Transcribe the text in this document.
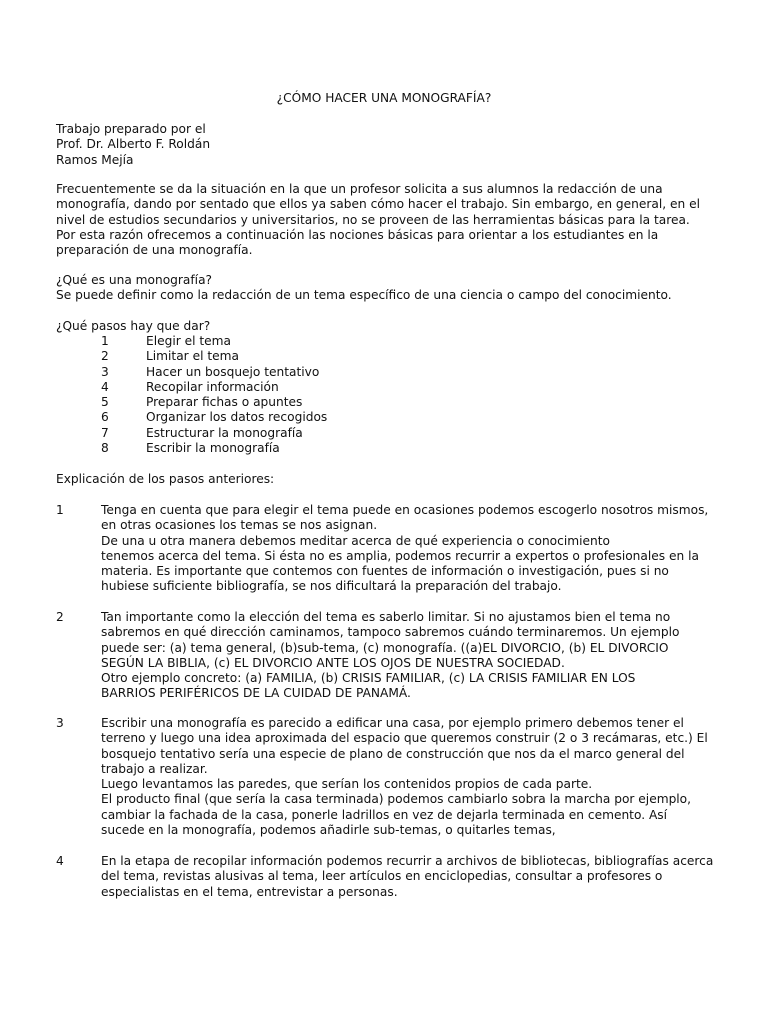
¿CÓMO HACER UNA MONOGRAFÍA?
Trabajo preparado por el
Prof. Dr. Alberto F. Roldán
Ramos Mejía
Frecuentemente se da la situación en la que un profesor solicita a sus alumnos la redacción de una
monografía, dando por sentado que ellos ya saben cómo hacer el trabajo. Sin embargo, en general, en el
nivel de estudios secundarios y universitarios, no se proveen de las herramientas básicas para la tarea.
Por esta razón ofrecemos a continuación las nociones básicas para orientar a los estudiantes en la
preparación de una monografía.
¿Qué es una monografía?
Se puede definir como la redacción de un tema específico de una ciencia o campo del conocimiento.
¿Qué pasos hay que dar?
1	Elegir el tema
2	Limitar el tema
3	Hacer un bosquejo tentativo
4	Recopilar información
5	Preparar fichas o apuntes
6	Organizar los datos recogidos
7	Estructurar la monografía
8	Escribir la monografía
Explicación de los pasos anteriores:
1	Tenga en cuenta que para elegir el tema puede en ocasiones podemos escogerlo nosotros mismos,
en otras ocasiones los temas se nos asignan.
De una u otra manera debemos meditar acerca de qué experiencia o conocimiento
tenemos acerca del tema. Si ésta no es amplia, podemos recurrir a expertos o profesionales en la
materia. Es importante que contemos con fuentes de información o investigación, pues si no
hubiese suficiente bibliografía, se nos dificultará la preparación del trabajo.
2	Tan importante como la elección del tema es saberlo limitar. Si no ajustamos bien el tema no
sabremos en qué dirección caminamos, tampoco sabremos cuándo terminaremos. Un ejemplo
puede ser: (a) tema general, (b)sub-tema, (c) monografía. ((a)EL DIVORCIO, (b) EL DIVORCIO
SEGÚN LA BIBLIA, (c) EL DIVORCIO ANTE LOS OJOS DE NUESTRA SOCIEDAD.
Otro ejemplo concreto: (a) FAMILIA, (b) CRISIS FAMILIAR, (c) LA CRISIS FAMILIAR EN LOS
BARRIOS PERIFÉRICOS DE LA CUIDAD DE PANAMÁ.
3	Escribir una monografía es parecido a edificar una casa, por ejemplo primero debemos tener el
terreno y luego una idea aproximada del espacio que queremos construir (2 o 3 recámaras, etc.) El
bosquejo tentativo sería una especie de plano de construcción que nos da el marco general del
trabajo a realizar.
Luego levantamos las paredes, que serían los contenidos propios de cada parte.
El producto final (que sería la casa terminada) podemos cambiarlo sobra la marcha por ejemplo,
cambiar la fachada de la casa, ponerle ladrillos en vez de dejarla terminada en cemento. Así
sucede en la monografía, podemos añadirle sub-temas, o quitarles temas,
4	En la etapa de recopilar información podemos recurrir a archivos de bibliotecas, bibliografías acerca
del tema, revistas alusivas al tema, leer artículos en enciclopedias, consultar a profesores o
especialistas en el tema, entrevistar a personas.
